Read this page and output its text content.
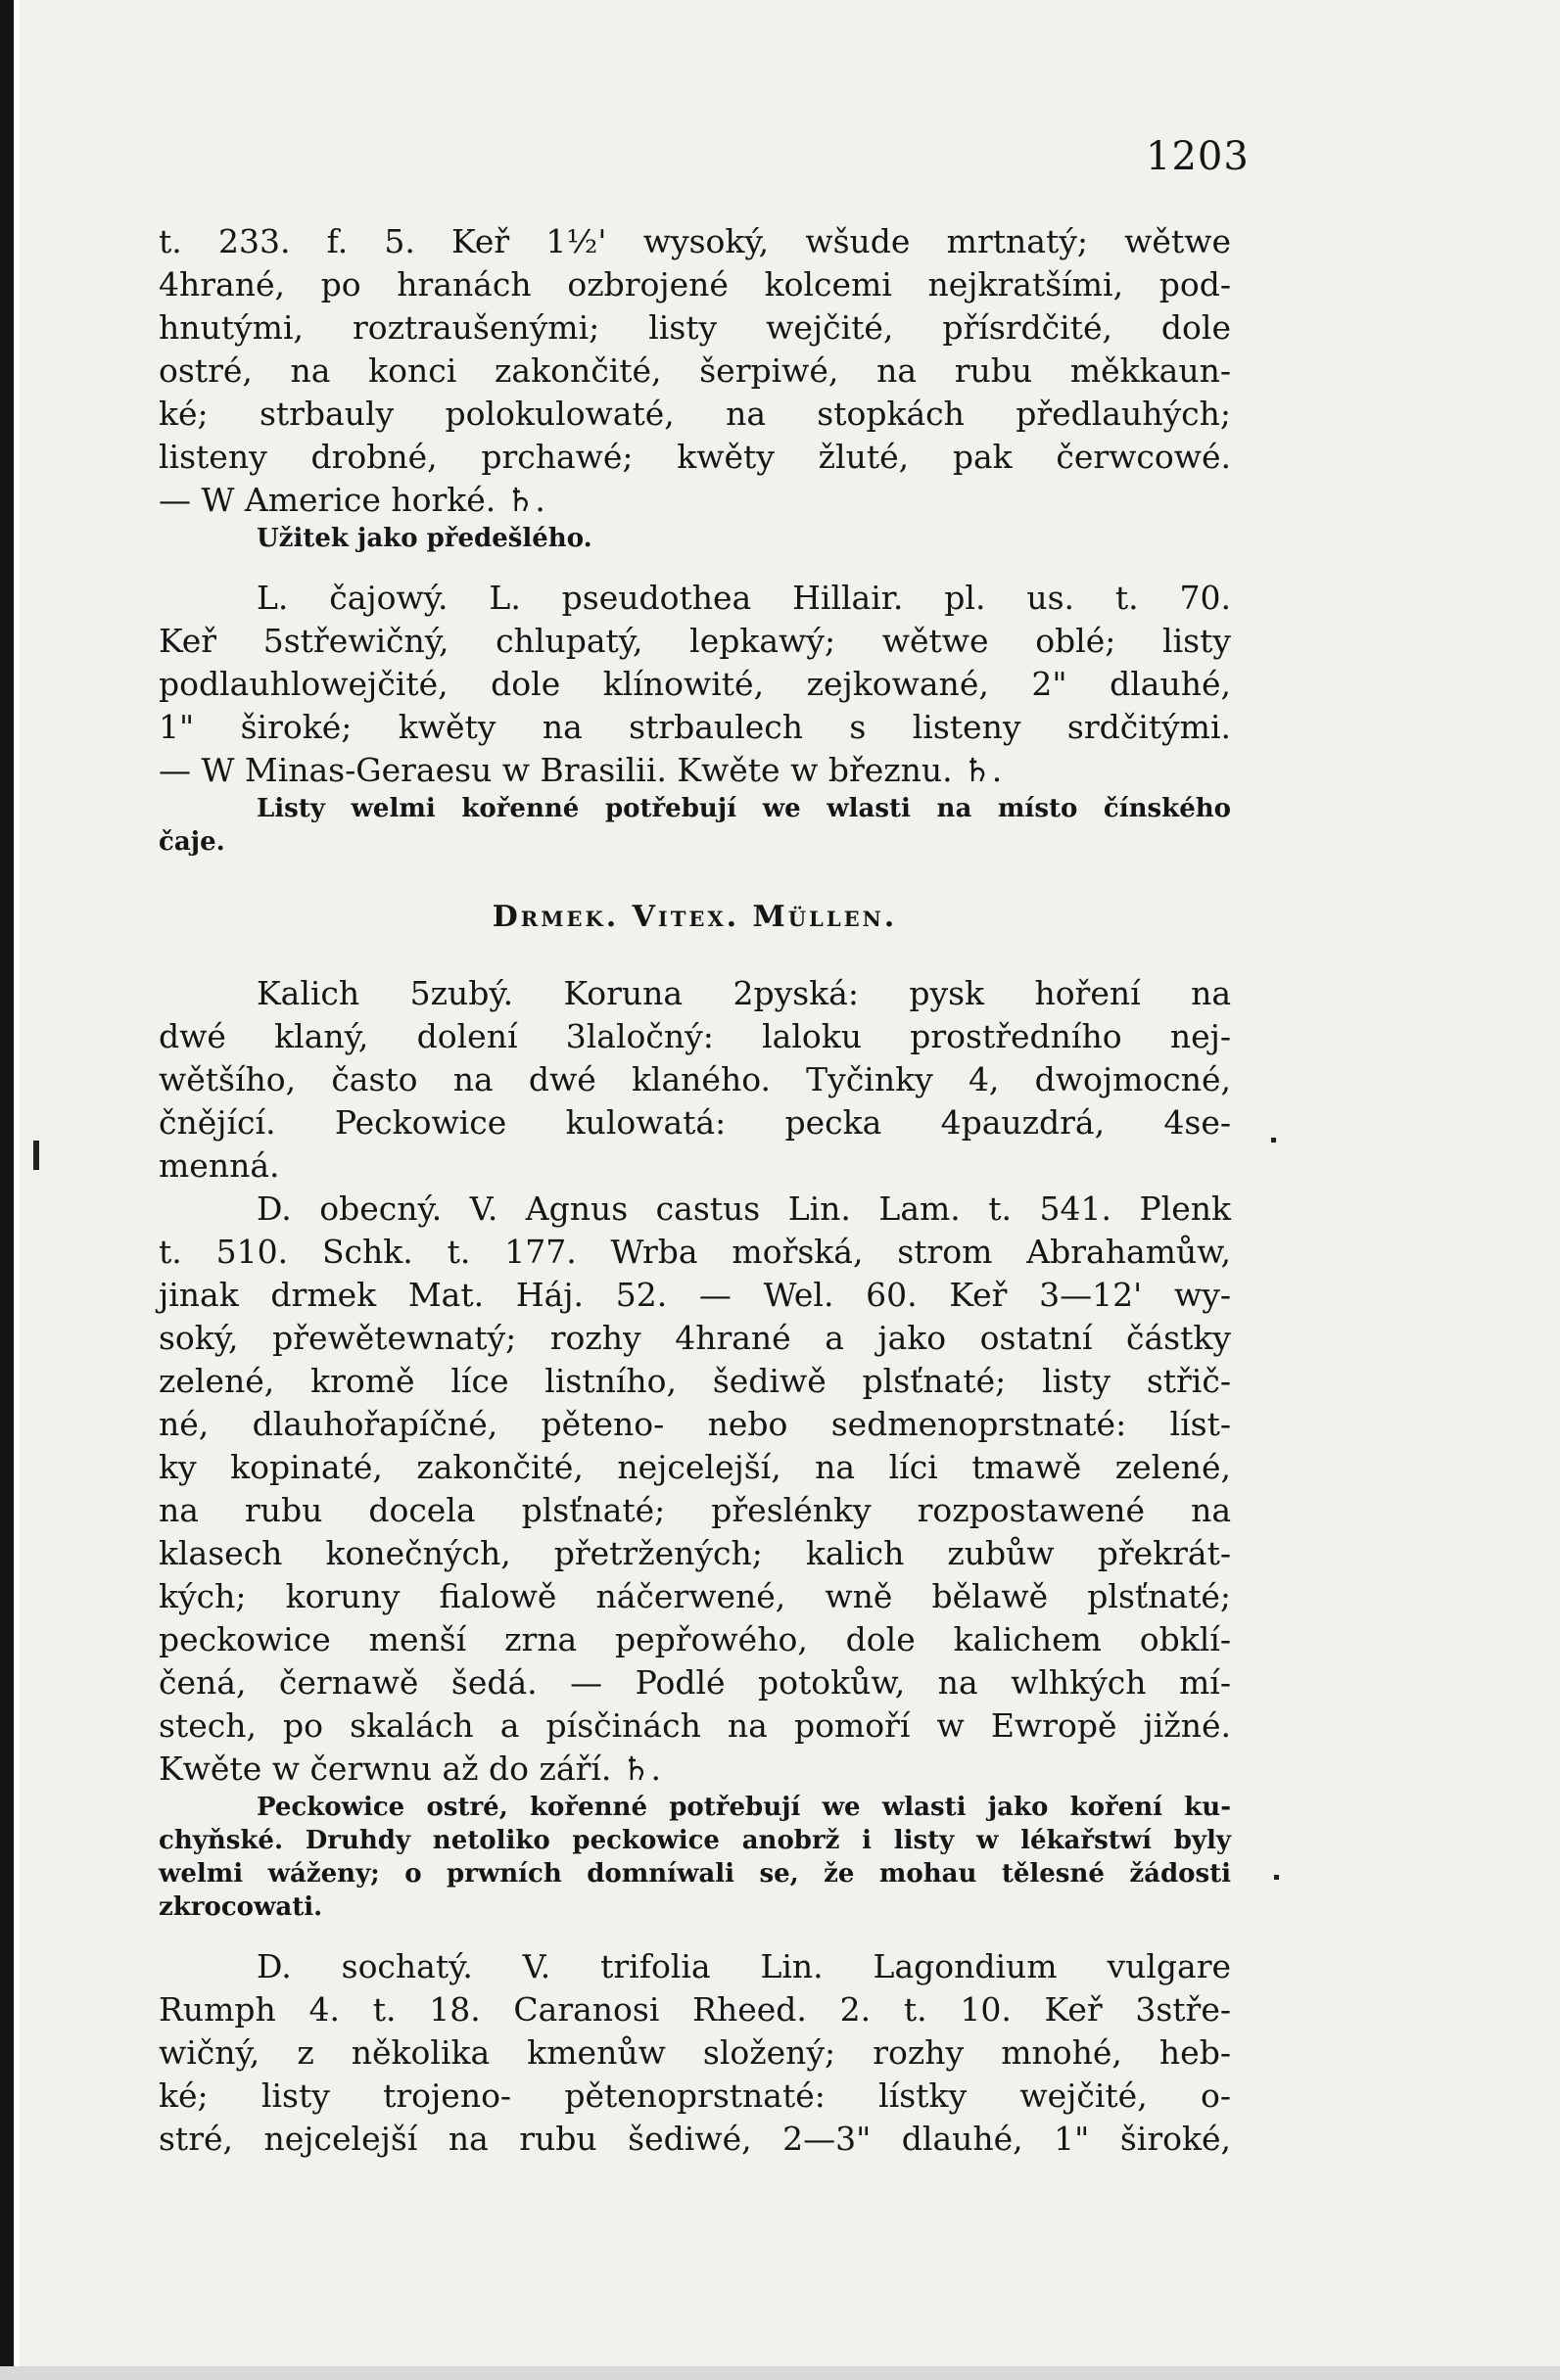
1203
t. 233. f. 5. Keř 1½' wysoký, wšude mrtnatý; wětwe
4hrané, po hranách ozbrojené kolcemi nejkratšími, pod-
hnutými, roztraušenými; listy wejčité, přísrdčité, dole
ostré, na konci zakončité, šerpiwé, na rubu měkkaun-
ké; strbauly polokulowaté, na stopkách předlauhých;
listeny drobné, prchawé; kwěty žluté, pak čerwcowé.
— W Americe horké. ♄.
Užitek jako předešlého.
L. čajowý. L. pseudothea Hillair. pl. us. t. 70.
Keř 5střewičný, chlupatý, lepkawý; wětwe oblé; listy
podlauhlowejčité, dole klínowité, zejkowané, 2" dlauhé,
1" široké; kwěty na strbaulech s listeny srdčitými.
— W Minas-Geraesu w Brasilii. Kwěte w březnu. ♄.
Listy welmi kořenné potřebují we wlasti na místo čínského
čaje.
Drmek. Vitex. Müllen.
Kalich 5zubý. Koruna 2pyská: pysk hoření na
dwé klaný, dolení 3laločný: laloku prostředního nej-
wětšího, často na dwé klaného. Tyčinky 4, dwojmocné,
čnějící. Peckowice kulowatá: pecka 4pauzdrá, 4se-
menná.
D. obecný. V. Agnus castus Lin. Lam. t. 541. Plenk
t. 510. Schk. t. 177. Wrba mořská, strom Abrahamůw,
jinak drmek Mat. Háj. 52. — Wel. 60. Keř 3—12' wy-
soký, přewětewnatý; rozhy 4hrané a jako ostatní částky
zelené, kromě líce listního, šediwě plsťnaté; listy střič-
né, dlauhořapíčné, pěteno- nebo sedmenoprstnaté: líst-
ky kopinaté, zakončité, nejcelejší, na líci tmawě zelené,
na rubu docela plsťnaté; přeslénky rozpostawené na
klasech konečných, přetržených; kalich zubůw překrát-
kých; koruny fialowě náčerwené, wně bělawě plsťnaté;
peckowice menší zrna pepřowého, dole kalichem obklí-
čená, černawě šedá. — Podlé potokůw, na wlhkých mí-
stech, po skalách a písčinách na pomoří w Ewropě jižné.
Kwěte w čerwnu až do září. ♄.
Peckowice ostré, kořenné potřebují we wlasti jako koření ku-
chyňské. Druhdy netoliko peckowice anobrž i listy w lékařstwí byly
welmi wáženy; o prwních domníwali se, že mohau tělesné žádosti
zkrocowati.
D. sochatý. V. trifolia Lin. Lagondium vulgare
Rumph 4. t. 18. Caranosi Rheed. 2. t. 10. Keř 3stře-
wičný, z několika kmenůw složený; rozhy mnohé, heb-
ké; listy trojeno- pětenoprstnaté: lístky wejčité, o-
stré, nejcelejší na rubu šediwé, 2—3" dlauhé, 1" široké,
